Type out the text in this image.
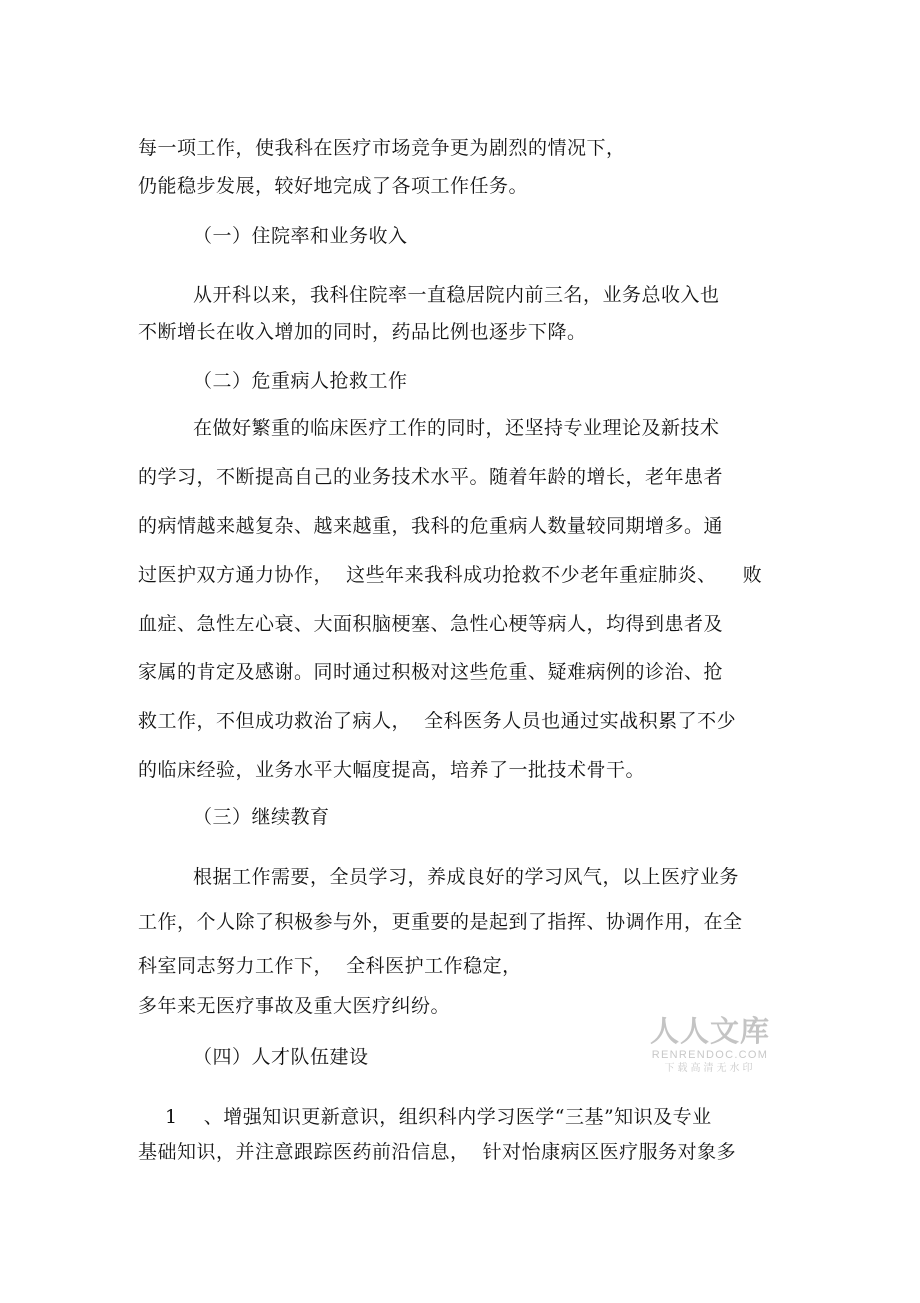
每一项工作，使我科在医疗市场竞争更为剧烈的情况下，
仍能稳步发展，较好地完成了各项工作任务。
（一）住院率和业务收入
从开科以来，我科住院率一直稳居院内前三名，业务总收入也
不断增长在收入增加的同时，药品比例也逐步下降。
（二）危重病人抢救工作
在做好繁重的临床医疗工作的同时，还坚持专业理论及新技术
的学习，不断提高自己的业务技术水平。随着年龄的增长，老年患者
的病情越来越复杂、越来越重，我科的危重病人数量较同期增多。通
过医护双方通力协作，  这些年来我科成功抢救不少老年重症肺炎、    败
血症、急性左心衰、大面积脑梗塞、急性心梗等病人，均得到患者及
家属的肯定及感谢。同时通过积极对这些危重、疑难病例的诊治、抢
救工作，不但成功救治了病人，  全科医务人员也通过实战积累了不少
的临床经验，业务水平大幅度提高，培养了一批技术骨干。
（三）继续教育
根据工作需要，全员学习，养成良好的学习风气，以上医疗业务
工作，个人除了积极参与外，更重要的是起到了指挥、协调作用，在全
科室同志努力工作下，  全科医护工作稳定，
多年来无医疗事故及重大医疗纠纷。
（四）人才队伍建设
1    、增强知识更新意识，组织科内学习医学“三基”知识及专业
基础知识，并注意跟踪医药前沿信息，  针对怡康病区医疗服务对象多
人人文库
RENRENDOC.COM
下载高清无水印
